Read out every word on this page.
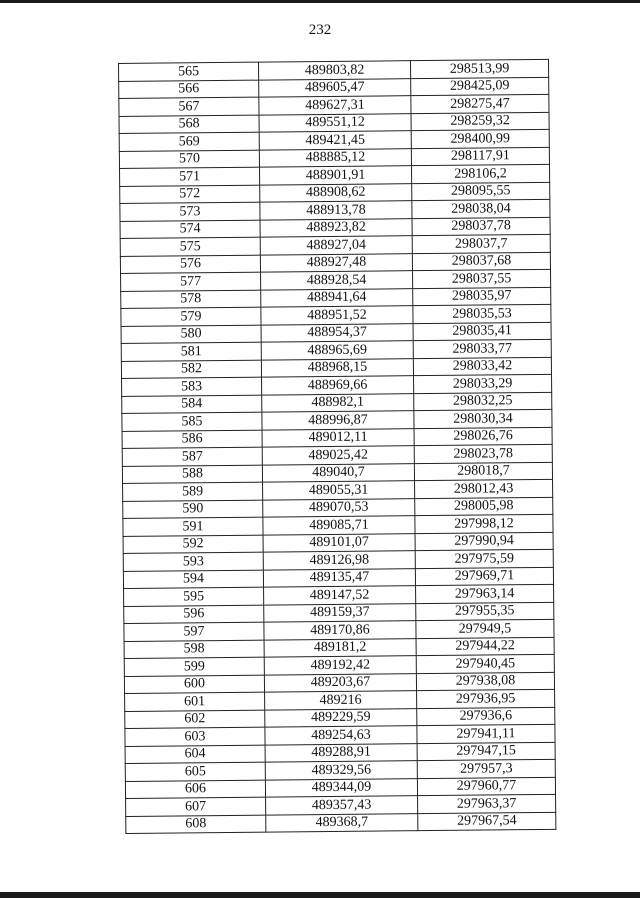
232
565	489803,82	298513,99
566	489605,47	298425,09
567	489627,31	298275,47
568	489551,12	298259,32
569	489421,45	298400,99
570	488885,12	298117,91
571	488901,91	298106,2
572	488908,62	298095,55
573	488913,78	298038,04
574	488923,82	298037,78
575	488927,04	298037,7
576	488927,48	298037,68
577	488928,54	298037,55
578	488941,64	298035,97
579	488951,52	298035,53
580	488954,37	298035,41
581	488965,69	298033,77
582	488968,15	298033,42
583	488969,66	298033,29
584	488982,1	298032,25
585	488996,87	298030,34
586	489012,11	298026,76
587	489025,42	298023,78
588	489040,7	298018,7
589	489055,31	298012,43
590	489070,53	298005,98
591	489085,71	297998,12
592	489101,07	297990,94
593	489126,98	297975,59
594	489135,47	297969,71
595	489147,52	297963,14
596	489159,37	297955,35
597	489170,86	297949,5
598	489181,2	297944,22
599	489192,42	297940,45
600	489203,67	297938,08
601	489216	297936,95
602	489229,59	297936,6
603	489254,63	297941,11
604	489288,91	297947,15
605	489329,56	297957,3
606	489344,09	297960,77
607	489357,43	297963,37
608	489368,7	297967,54
